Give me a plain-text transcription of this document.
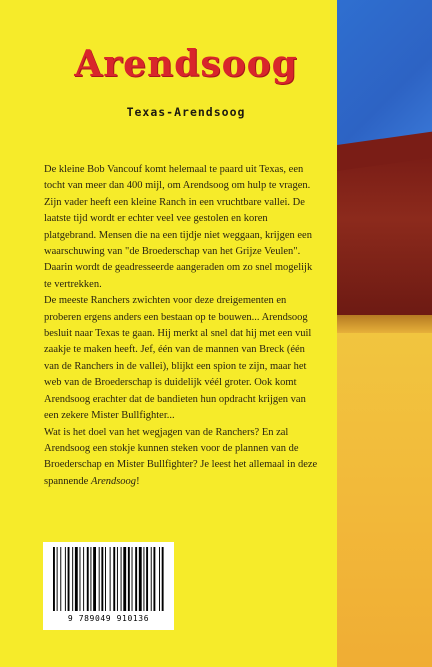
Arendsoog
Texas-Arendsoog

De kleine Bob Vancouf komt helemaal te paard uit Texas, een tocht van meer dan 400 mijl, om Arendsoog om hulp te vragen. Zijn vader heeft een kleine Ranch in een vruchtbare vallei. De laatste tijd wordt er echter veel vee gestolen en koren platgebrand. Mensen die na een tijdje niet weggaan, krijgen een waarschuwing van "de Broederschap van het Grijze Veulen". Daarin wordt de geadresseerde aangeraden om zo snel mogelijk te vertrekken.

De meeste Ranchers zwichten voor deze dreigementen en proberen ergens anders een bestaan op te bouwen... Arendsoog besluit naar Texas te gaan. Hij merkt al snel dat hij met een vuil zaakje te maken heeft. Jef, één van de mannen van Breck (één van de Ranchers in de vallei), blijkt een spion te zijn, maar het web van de Broederschap is duidelijk véél groter. Ook komt Arendsoog erachter dat de bandieten hun opdracht krijgen van een zekere Mister Bullfighter...

Wat is het doel van het wegjagen van de Ranchers? En zal Arendsoog een stokje kunnen steken voor de plannen van de Broederschap en Mister Bullfighter? Je leest het allemaal in deze spannende Arendsoog!

9 789049 910136
